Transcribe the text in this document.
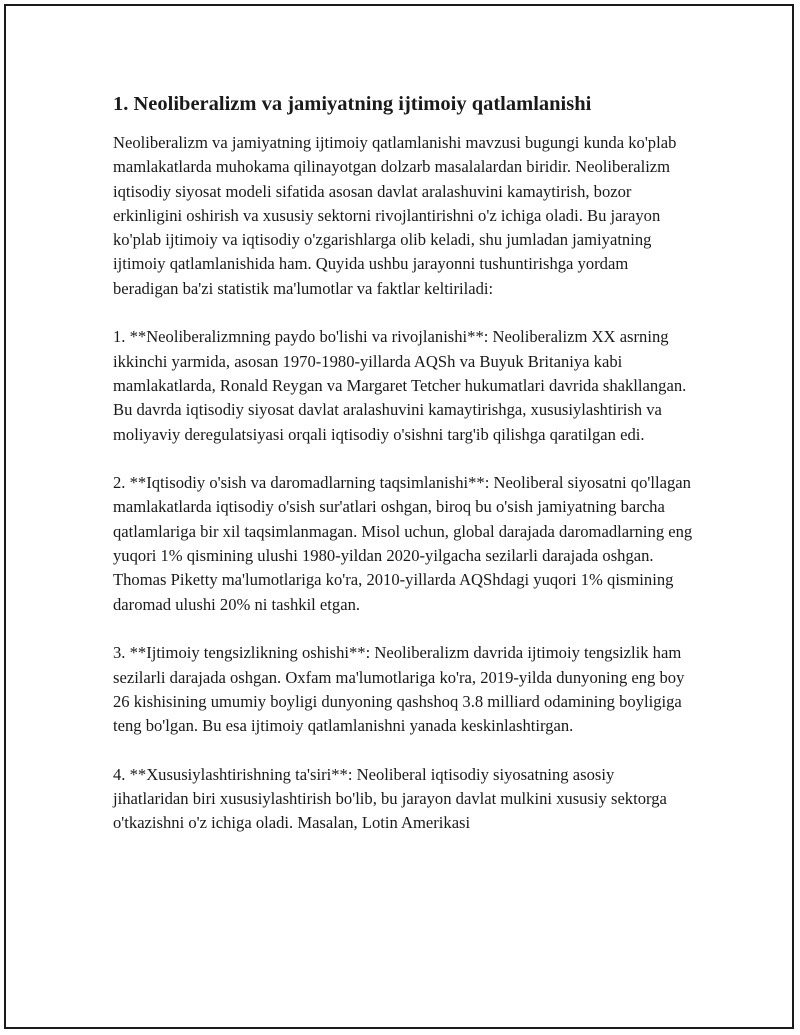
1. Neoliberalizm va jamiyatning ijtimoiy qatlamlanishi

Neoliberalizm va jamiyatning ijtimoiy qatlamlanishi mavzusi bugungi kunda ko'plab mamlakatlarda muhokama qilinayotgan dolzarb masalalardan biridir. Neoliberalizm iqtisodiy siyosat modeli sifatida asosan davlat aralashuvini kamaytirish, bozor erkinligini oshirish va xususiy sektorni rivojlantirishni o'z ichiga oladi. Bu jarayon ko'plab ijtimoiy va iqtisodiy o'zgarishlarga olib keladi, shu jumladan jamiyatning ijtimoiy qatlamlanishida ham. Quyida ushbu jarayonni tushuntirishga yordam beradigan ba'zi statistik ma'lumotlar va faktlar keltiriladi:

1. **Neoliberalizmning paydo bo'lishi va rivojlanishi**: Neoliberalizm XX asrning ikkinchi yarmida, asosan 1970-1980-yillarda AQSh va Buyuk Britaniya kabi mamlakatlarda, Ronald Reygan va Margaret Tetcher hukumatlari davrida shakllangan. Bu davrda iqtisodiy siyosat davlat aralashuvini kamaytirishga, xususiylashtirish va moliyaviy deregulatsiyasi orqali iqtisodiy o'sishni targ'ib qilishga qaratilgan edi.

2. **Iqtisodiy o'sish va daromadlarning taqsimlanishi**: Neoliberal siyosatni qo'llagan mamlakatlarda iqtisodiy o'sish sur'atlari oshgan, biroq bu o'sish jamiyatning barcha qatlamlariga bir xil taqsimlanmagan. Misol uchun, global darajada daromadlarning eng yuqori 1% qismining ulushi 1980-yildan 2020-yilgacha sezilarli darajada oshgan. Thomas Piketty ma'lumotlariga ko'ra, 2010-yillarda AQShdagi yuqori 1% qismining daromad ulushi 20% ni tashkil etgan.

3. **Ijtimoiy tengsizlikning oshishi**: Neoliberalizm davrida ijtimoiy tengsizlik ham sezilarli darajada oshgan. Oxfam ma'lumotlariga ko'ra, 2019-yilda dunyoning eng boy 26 kishisining umumiy boyligi dunyoning qashshoq 3.8 milliard odamining boyligiga teng bo'lgan. Bu esa ijtimoiy qatlamlanishni yanada keskinlashtirgan.

4. **Xususiylashtirishning ta'siri**: Neoliberal iqtisodiy siyosatning asosiy jihatlaridan biri xususiylashtirish bo'lib, bu jarayon davlat mulkini xususiy sektorga o'tkazishni o'z ichiga oladi. Masalan, Lotin Amerikasi
